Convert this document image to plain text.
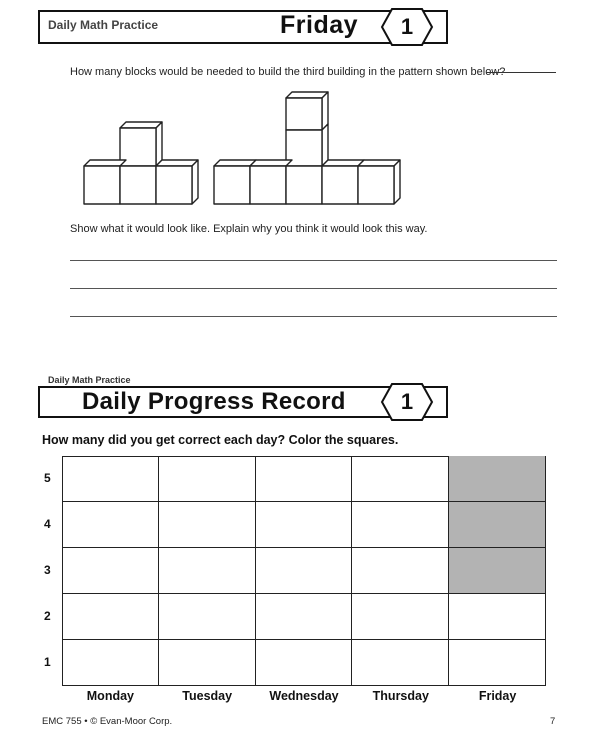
Daily Math Practice	Friday	1
How many blocks would be needed to build the third building in the pattern shown below?
Show what it would look like. Explain why you think it would look this way.
Daily Math Practice
Daily Progress Record	1
How many did you get correct each day? Color the squares.
5
4
3
2
1
Monday	Tuesday	Wednesday	Thursday	Friday
EMC 755 • © Evan-Moor Corp.	7
